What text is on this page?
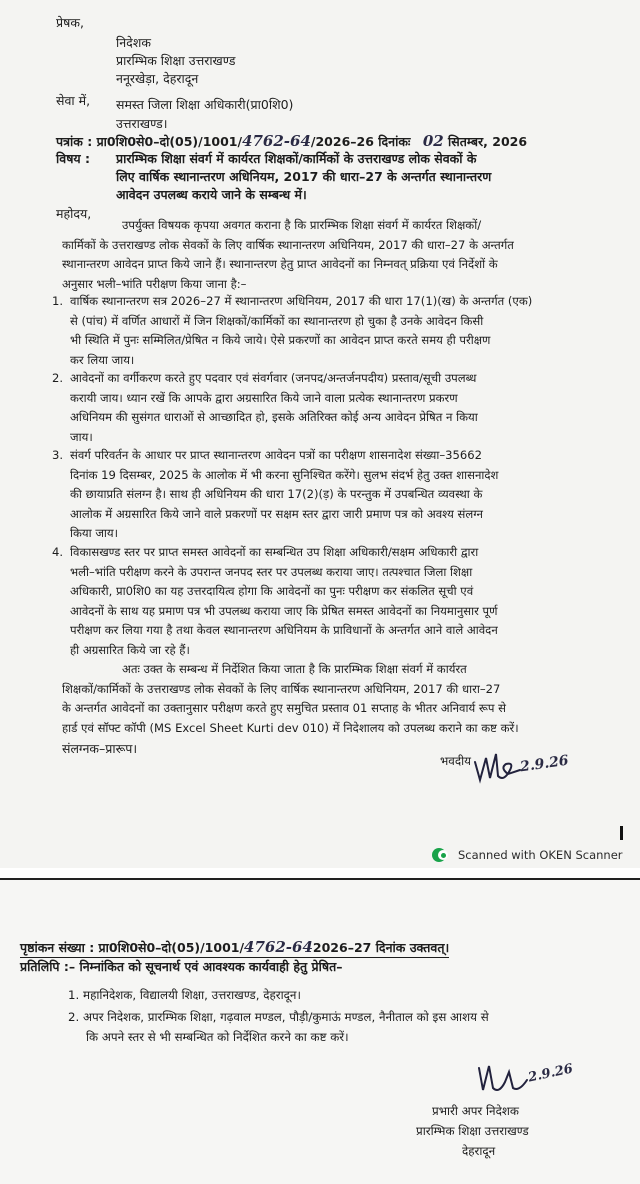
प्रेषक,
निदेशक
प्रारम्भिक शिक्षा उत्तराखण्ड
ननूरखेड़ा, देहरादून
सेवा में, समस्त जिला शिक्षा अधिकारी(प्रा0शि0)
उत्तराखण्ड।
पत्रांक : प्रा0शि0से0–दो(05)/1001/4762-64/2026–26 दिनांकः 02 सितम्बर, 2026
विषय : प्रारम्भिक शिक्षा संवर्ग में कार्यरत शिक्षकों/कार्मिकों के उत्तराखण्ड लोक सेवकों के
लिए वार्षिक स्थानान्तरण अधिनियम, 2017 की धारा–27 के अन्तर्गत स्थानान्तरण
आवेदन उपलब्ध कराये जाने के सम्बन्ध में।
महोदय,
उपर्युक्त विषयक कृपया अवगत कराना है कि प्रारम्भिक शिक्षा संवर्ग में कार्यरत शिक्षकों/
कार्मिकों के उत्तराखण्ड लोक सेवकों के लिए वार्षिक स्थानान्तरण अधिनियम, 2017 की धारा–27 के अन्तर्गत
स्थानान्तरण आवेदन प्राप्त किये जाने हैं। स्थानान्तरण हेतु प्राप्त आवेदनों का निम्नवत् प्रक्रिया एवं निर्देशों के
अनुसार भली–भांति परीक्षण किया जाना है:–
1. वार्षिक स्थानान्तरण सत्र 2026–27 में स्थानान्तरण अधिनियम, 2017 की धारा 17(1)(ख) के अन्तर्गत (एक)
से (पांच) में वर्णित आधारों में जिन शिक्षकों/कार्मिकों का स्थानान्तरण हो चुका है उनके आवेदन किसी
भी स्थिति में पुनः सम्मिलित/प्रेषित न किये जाये। ऐसे प्रकरणों का आवेदन प्राप्त करते समय ही परीक्षण
कर लिया जाय।
2. आवेदनों का वर्गीकरण करते हुए पदवार एवं संवर्गवार (जनपद/अन्तर्जनपदीय) प्रस्ताव/सूची उपलब्ध
करायी जाय। ध्यान रखें कि आपके द्वारा अग्रसारित किये जाने वाला प्रत्येक स्थानान्तरण प्रकरण
अधिनियम की सुसंगत धाराओं से आच्छादित हो, इसके अतिरिक्त कोई अन्य आवेदन प्रेषित न किया
जाय।
3. संवर्ग परिवर्तन के आधार पर प्राप्त स्थानान्तरण आवेदन पत्रों का परीक्षण शासनादेश संख्या–35662
दिनांक 19 दिसम्बर, 2025 के आलोक में भी करना सुनिश्चित करेंगे। सुलभ संदर्भ हेतु उक्त शासनादेश
की छायाप्रति संलग्न है। साथ ही अधिनियम की धारा 17(2)(ड़) के परन्तुक में उपबन्धित व्यवस्था के
आलोक में अग्रसारित किये जाने वाले प्रकरणों पर सक्षम स्तर द्वारा जारी प्रमाण पत्र को अवश्य संलग्न
किया जाय।
4. विकासखण्ड स्तर पर प्राप्त समस्त आवेदनों का सम्बन्धित उप शिक्षा अधिकारी/सक्षम अधिकारी द्वारा
भली–भांति परीक्षण करने के उपरान्त जनपद स्तर पर उपलब्ध कराया जाए। तत्पश्चात जिला शिक्षा
अधिकारी, प्रा0शि0 का यह उत्तरदायित्व होगा कि आवेदनों का पुनः परीक्षण कर संकलित सूची एवं
आवेदनों के साथ यह प्रमाण पत्र भी उपलब्ध कराया जाए कि प्रेषित समस्त आवेदनों का नियमानुसार पूर्ण
परीक्षण कर लिया गया है तथा केवल स्थानान्तरण अधिनियम के प्राविधानों के अन्तर्गत आने वाले आवेदन
ही अग्रसारित किये जा रहे हैं।
अतः उक्त के सम्बन्ध में निर्देशित किया जाता है कि प्रारम्भिक शिक्षा संवर्ग में कार्यरत
शिक्षकों/कार्मिकों के उत्तराखण्ड लोक सेवकों के लिए वार्षिक स्थानान्तरण अधिनियम, 2017 की धारा–27
के अन्तर्गत आवेदनों का उक्तानुसार परीक्षण करते हुए समुचित प्रस्ताव 01 सप्ताह के भीतर अनिवार्य रूप से
हार्ड एवं सॉफ्ट कॉपी (MS Excel Sheet Kurti dev 010) में निदेशालय को उपलब्ध कराने का कष्ट करें।
संलग्नक–प्रारूप।
भवदीय	2.9.26
Scanned with OKEN Scanner
पृष्ठांकन संख्या : प्रा0शि0से0–दो(05)/1001/4762-642026–27 दिनांक उक्तवत्।
प्रतिलिपि :– निम्नांकित को सूचनार्थ एवं आवश्यक कार्यवाही हेतु प्रेषित–
1. महानिदेशक, विद्यालयी शिक्षा, उत्तराखण्ड, देहरादून।
2. अपर निदेशक, प्रारम्भिक शिक्षा, गढ़वाल मण्डल, पौड़ी/कुमाऊं मण्डल, नैनीताल को इस आशय से
कि अपने स्तर से भी सम्बन्धित को निर्देशित करने का कष्ट करें।
2.9.26
प्रभारी अपर निदेशक
प्रारम्भिक शिक्षा उत्तराखण्ड
देहरादून
